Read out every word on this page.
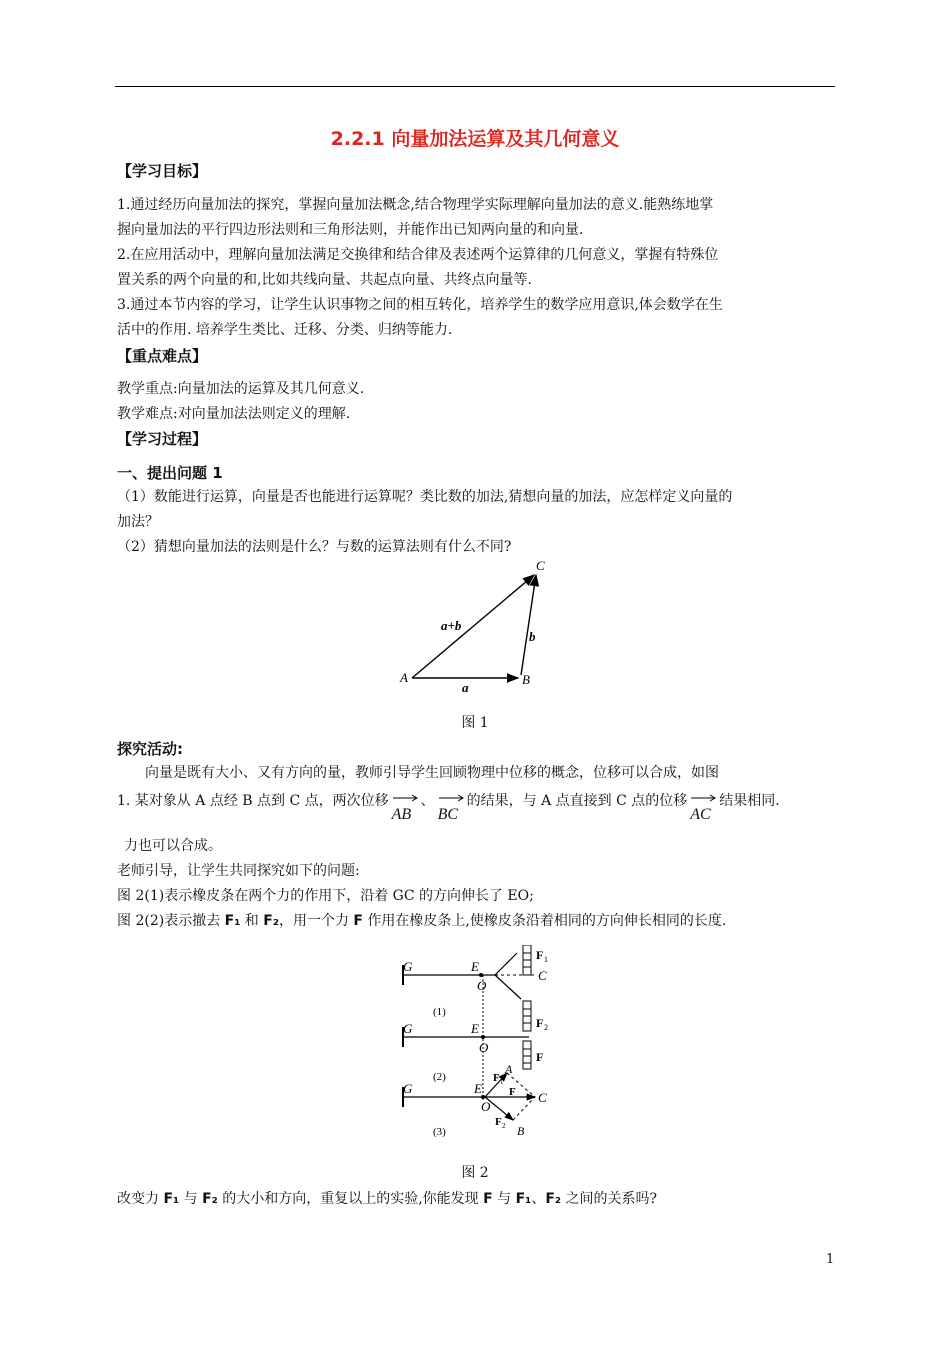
2.2.1 向量加法运算及其几何意义
【学习目标】
1.通过经历向量加法的探究，掌握向量加法概念,结合物理学实际理解向量加法的意义.能熟练地掌
握向量加法的平行四边形法则和三角形法则，并能作出已知两向量的和向量.
2.在应用活动中，理解向量加法满足交换律和结合律及表述两个运算律的几何意义，掌握有特殊位
置关系的两个向量的和,比如共线向量、共起点向量、共终点向量等.
3.通过本节内容的学习，让学生认识事物之间的相互转化，培养学生的数学应用意识,体会数学在生
活中的作用. 培养学生类比、迁移、分类、归纳等能力.
【重点难点】
教学重点:向量加法的运算及其几何意义.
教学难点:对向量加法法则定义的理解.
【学习过程】
一、提出问题 1
（1）数能进行运算，向量是否也能进行运算呢？类比数的加法,猜想向量的加法，应怎样定义向量的
加法？
（2）猜想向量加法的法则是什么？与数的运算法则有什么不同?
A	B
C
a
b
a+b
图 1
探究活动:
向量是既有大小、又有方向的量，教师引导学生回顾物理中位移的概念，位移可以合成，如图
1. 某对象从 A 点经 B 点到 C 点，两次位移
AB、
BC的结果，与 A 点直接到 C 点的位移
AC结果相同.
力也可以合成。
老师引导，让学生共同探究如下的问题:
图 2(1)表示橡皮条在两个力的作用下，沿着 GC 的方向伸长了 EO;
图 2(2)表示撤去 F₁ 和 F₂，用一个力 F 作用在橡皮条上,使橡皮条沿着相同的方向伸长相同的长度.
G	E
O
C
F 1
F 2
(1)
G	E
O
F
(2)
G	E
O
A
C
B
F 1
F
F 2
(3)
图 2
改变力 F₁ 与 F₂ 的大小和方向，重复以上的实验,你能发现 F 与 F₁、F₂ 之间的关系吗?
1
